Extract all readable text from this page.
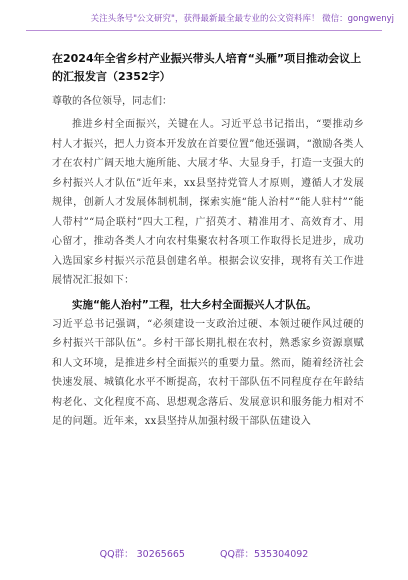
关注头条号"公文研究"，获得最新最全最专业的公文资料库！ 微信：gongwenyj
在2024年全省乡村产业振兴带头人培育“头雁”项目推动会议上的汇报发言（2352字）
尊敬的各位领导，同志们：

推进乡村全面振兴，关键在人。习近平总书记指出，“要推动乡村人才振兴，把人力资本开发放在首要位置”他还强调，“激励各类人才在农村广阔天地大施所能、大展才华、大显身手，打造一支强大的乡村振兴人才队伍”近年来，xx县坚持党管人才原则，遵循人才发展规律，创新人才发展体制机制，探索实施“能人治村”“能人驻村”“能人带村”“局企联村”四大工程，广招英才、精准用才、高效育才、用心留才，推动各类人才向农村集聚农村各项工作取得长足进步，成功入选国家乡村振兴示范县创建名单。根据会议安排，现将有关工作进展情况汇报如下：

实施“能人治村”工程，壮大乡村全面振兴人才队伍。

习近平总书记强调，“必须建设一支政治过硬、本领过硬作风过硬的乡村振兴干部队伍”。乡村干部长期扎根在农村，熟悉家乡资源禀赋和人文环境，是推进乡村全面振兴的重要力量。然而，随着经济社会快速发展、城镇化水平不断提高，农村干部队伍不同程度存在年龄结构老化、文化程度不高、思想观念落后、发展意识和服务能力相对不足的问题。近年来，xx县坚持从加强村级干部队伍建设入

QQ群： 30265665	QQ群：535304092
